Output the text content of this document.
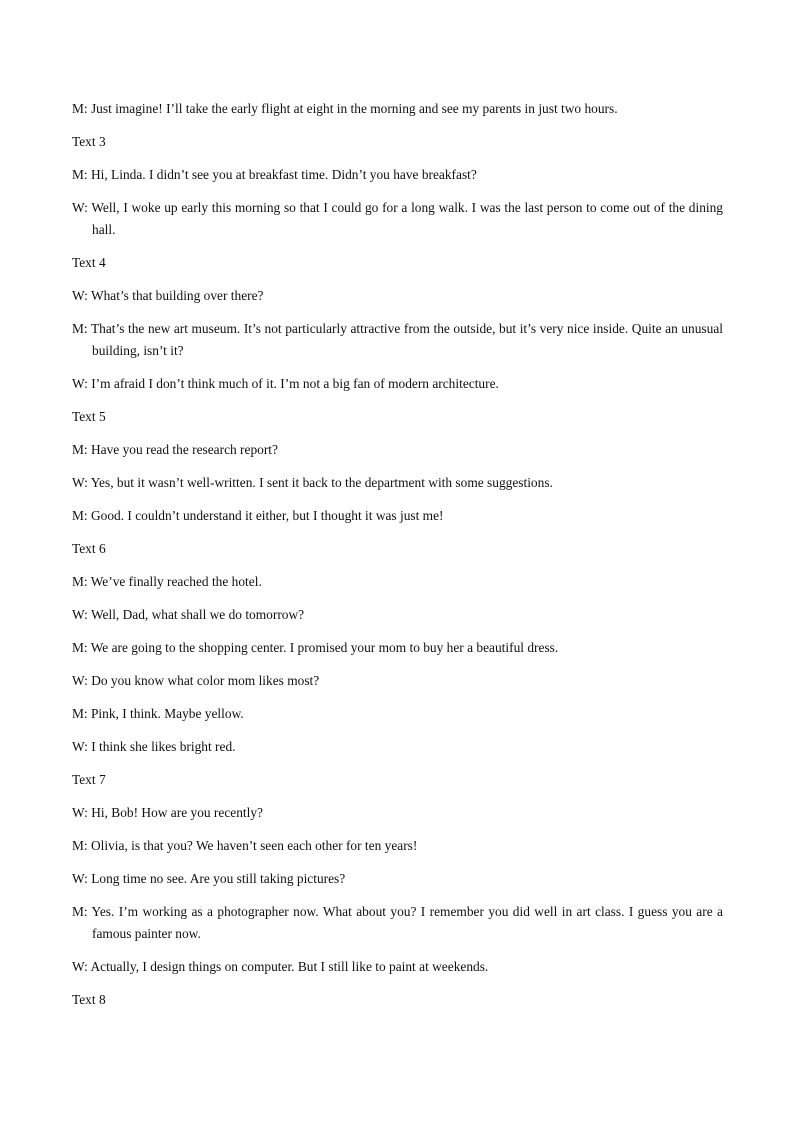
M: Just imagine! I’ll take the early flight at eight in the morning and see my parents in just two hours.

Text 3

M: Hi, Linda. I didn’t see you at breakfast time. Didn’t you have breakfast?

W: Well, I woke up early this morning so that I could go for a long walk. I was the last person to come out of the dining hall.

Text 4

W: What’s that building over there?

M: That’s the new art museum. It’s not particularly attractive from the outside, but it’s very nice inside. Quite an unusual building, isn’t it?

W: I’m afraid I don’t think much of it. I’m not a big fan of modern architecture.

Text 5

M: Have you read the research report?

W: Yes, but it wasn’t well-written. I sent it back to the department with some suggestions.

M: Good. I couldn’t understand it either, but I thought it was just me!

Text 6

M: We’ve finally reached the hotel.

W: Well, Dad, what shall we do tomorrow?

M: We are going to the shopping center. I promised your mom to buy her a beautiful dress.

W: Do you know what color mom likes most?

M: Pink, I think. Maybe yellow.

W: I think she likes bright red.

Text 7

W: Hi, Bob! How are you recently?

M: Olivia, is that you? We haven’t seen each other for ten years!

W: Long time no see. Are you still taking pictures?

M: Yes. I’m working as a photographer now. What about you? I remember you did well in art class. I guess you are a famous painter now.

W: Actually, I design things on computer. But I still like to paint at weekends.

Text 8
